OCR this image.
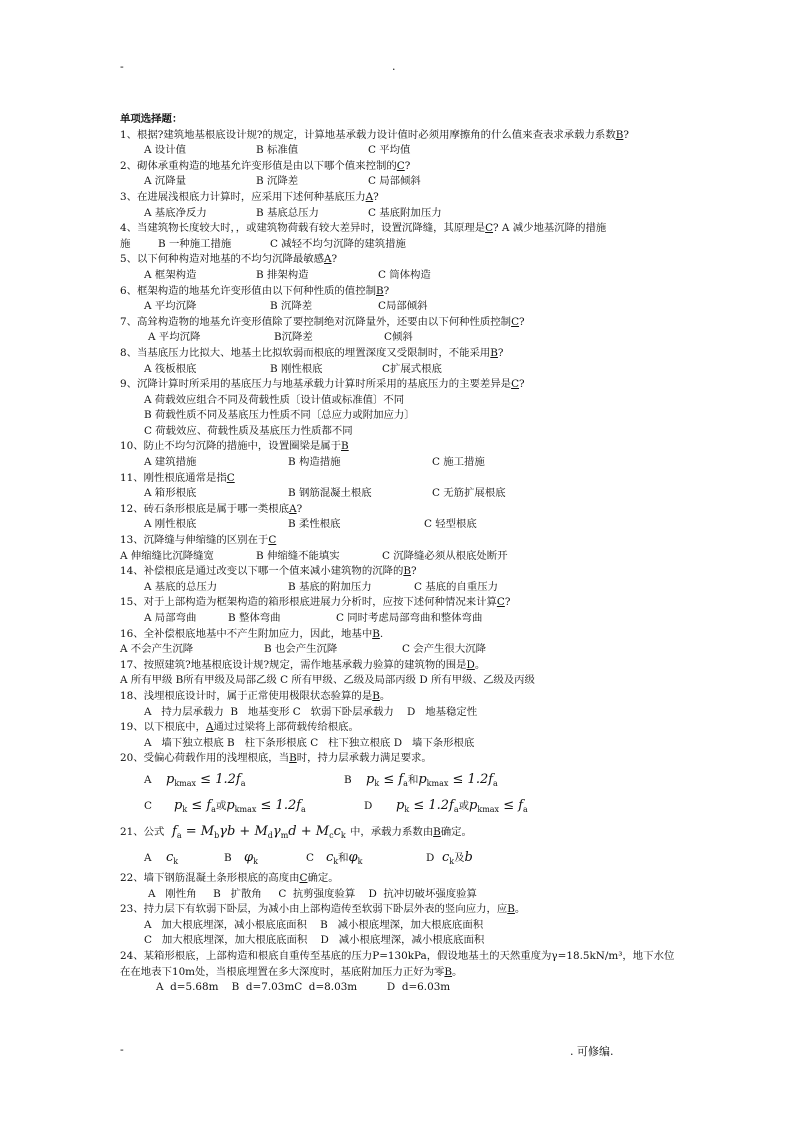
-	.
单项选择题：
1、根据?建筑地基根底设计规?的规定，计算地基承载力设计值时必须用摩擦角的什么值来查表求承载力系数B?
A 设计值	B 标准值	C 平均值
2、砌体承重构造的地基允许变形值是由以下哪个值来控制的C?
A 沉降量	B 沉降差	C 局部倾斜
3、在进展浅根底力计算时，应采用下述何种基底压力A?
A 基底净反力	B 基底总压力	C 基底附加压力
4、当建筑物长度较大时，，或建筑物荷载有较大差异时，设置沉降缝，其原理是C? A 减少地基沉降的措施
施	B 一种施工措施	C 减轻不均匀沉降的建筑措施
5、以下何种构造对地基的不均匀沉降最敏感A?
A 框架构造	B 排架构造	C 筒体构造
6、框架构造的地基允许变形值由以下何种性质的值控制B?
A 平均沉降	B 沉降差	C局部倾斜
7、高耸构造物的地基允许变形值除了要控制绝对沉降量外，还要由以下何种性质控制C?
A 平均沉降	B沉降差	C倾斜
8、当基底压力比拟大、地基土比拟软弱而根底的埋置深度又受限制时，不能采用B?
A 筏板根底	B 刚性根底	C扩展式根底
9、沉降计算时所采用的基底压力与地基承载力计算时所采用的基底压力的主要差异是C?
A 荷载效应组合不同及荷载性质〔设计值或标准值〕不同
B 荷载性质不同及基底压力性质不同〔总应力或附加应力〕
C 荷载效应、荷载性质及基底压力性质都不同
10、防止不均匀沉降的措施中，设置圈梁是属于B
A 建筑措施	B 构造措施	C 施工措施
11、刚性根底通常是指C
A 箱形根底	B 钢筋混凝土根底	C 无筋扩展根底
12、砖石条形根底是属于哪一类根底A?
A 刚性根底	B 柔性根底	C 轻型根底
13、沉降缝与伸缩缝的区别在于C
A 伸缩缝比沉降缝宽	B 伸缩缝不能填实	C 沉降缝必须从根底处断开
14、补偿根底是通过改变以下哪一个值来减小建筑物的沉降的B?
A 基底的总压力	B 基底的附加压力	C 基底的自重压力
15、对于上部构造为框架构造的箱形根底进展力分析时，应按下述何种情况来计算C?
A 局部弯曲	B 整体弯曲	C 同时考虑局部弯曲和整体弯曲
16、全补偿根底地基中不产生附加应力，因此，地基中B.
A 不会产生沉降	B 也会产生沉降	C 会产生很大沉降
17、按照建筑?地基根底设计规?规定，需作地基承载力验算的建筑物的围是D。
A 所有甲级 B所有甲级及局部乙级 C 所有甲级、乙级及局部丙级 D 所有甲级、乙级及丙级
18、浅埋根底设计时，属于正常使用极限状态验算的是B。
A   持力层承载力  B   地基变形 C   软弱下卧层承载力    D   地基稳定性
19、以下根底中，A通过过梁将上部荷载传给根底。
A   墙下独立根底 B   柱下条形根底 C   柱下独立根底 D   墙下条形根底
20、受偏心荷载作用的浅埋根底，当B时，持力层承载力满足要求。
A $p_{kmax} \le 1.2f_a$	B $p_k \le f_a$和$p_{kmax} \le 1.2f_a$
C $p_k \le f_a$或$p_{kmax} \le 1.2f_a$	D $p_k \le 1.2f_a$或$p_{kmax} \le f_a$
21、公式 $f_a = M_b\gamma b + M_d\gamma_md + M_cc_k$ 中，承载力系数由B确定。
A $c_k$	B $\varphi_k$	C $c_k$和$\varphi_k$	D $c_k$及b
22、墙下钢筋混凝土条形根底的高度由C确定。
A   刚性角     B   扩散角     C  抗剪强度验算    D  抗冲切破坏强度验算
23、持力层下有软弱下卧层，为减小由上部构造传至软弱下卧层外表的竖向应力，应B。
A   加大根底埋深，减小根底底面积    B   减小根底埋深，加大根底底面积
C   加大根底埋深，加大根底底面积    D   减小根底埋深，减小根底底面积
24、某箱形根底，上部构造和根底自重传至基底的压力P=130kPa，假设地基土的天然重度为γ=18.5kN/m³，地下水位在在地表下10m处，当根底埋置在多大深度时，基底附加压力正好为零B。
A  d=5.68m    B  d=7.03mC  d=8.03m         D  d=6.03m
-	. 可修编.
